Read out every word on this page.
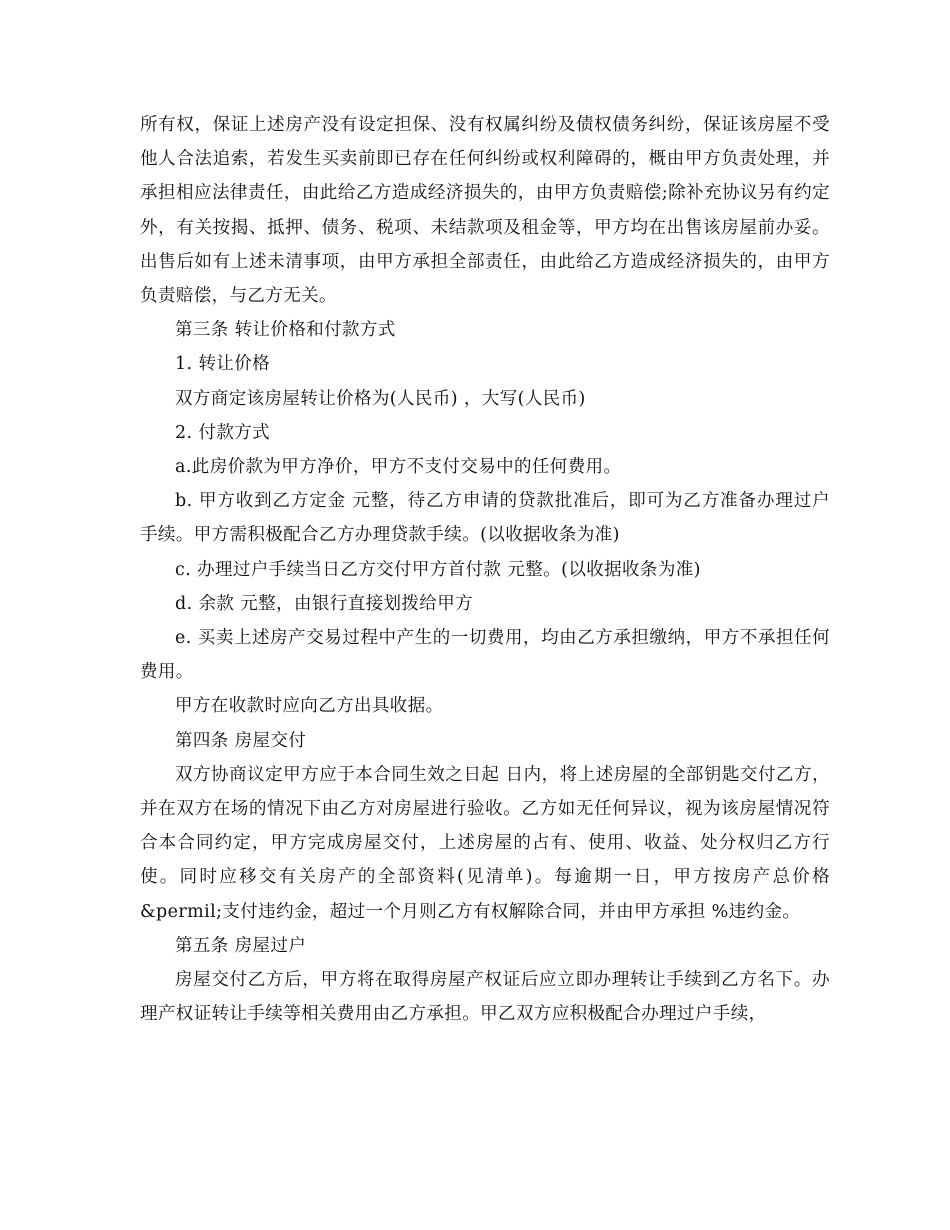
所有权，保证上述房产没有设定担保、没有权属纠纷及债权债务纠纷，保证该房屋不受他人合法追索，若发生买卖前即已存在任何纠纷或权利障碍的，概由甲方负责处理，并承担相应法律责任，由此给乙方造成经济损失的，由甲方负责赔偿;除补充协议另有约定外，有关按揭、抵押、债务、税项、未结款项及租金等，甲方均在出售该房屋前办妥。出售后如有上述未清事项，由甲方承担全部责任，由此给乙方造成经济损失的，由甲方负责赔偿，与乙方无关。

第三条 转让价格和付款方式

1. 转让价格

双方商定该房屋转让价格为(人民币) ，大写(人民币)

2. 付款方式

a.此房价款为甲方净价，甲方不支付交易中的任何费用。

b. 甲方收到乙方定金 元整，待乙方申请的贷款批准后，即可为乙方准备办理过户手续。甲方需积极配合乙方办理贷款手续。(以收据收条为准)

c. 办理过户手续当日乙方交付甲方首付款 元整。(以收据收条为准)

d. 余款 元整，由银行直接划拨给甲方

e. 买卖上述房产交易过程中产生的一切费用，均由乙方承担缴纳，甲方不承担任何费用。

甲方在收款时应向乙方出具收据。

第四条 房屋交付

双方协商议定甲方应于本合同生效之日起 日内，将上述房屋的全部钥匙交付乙方，并在双方在场的情况下由乙方对房屋进行验收。乙方如无任何异议，视为该房屋情况符合本合同约定，甲方完成房屋交付，上述房屋的占有、使用、收益、处分权归乙方行使。同时应移交有关房产的全部资料(见清单)。每逾期一日，甲方按房产总价格 &permil;支付违约金，超过一个月则乙方有权解除合同，并由甲方承担 %违约金。

第五条 房屋过户

房屋交付乙方后，甲方将在取得房屋产权证后应立即办理转让手续到乙方名下。办理产权证转让手续等相关费用由乙方承担。甲乙双方应积极配合办理过户手续，
